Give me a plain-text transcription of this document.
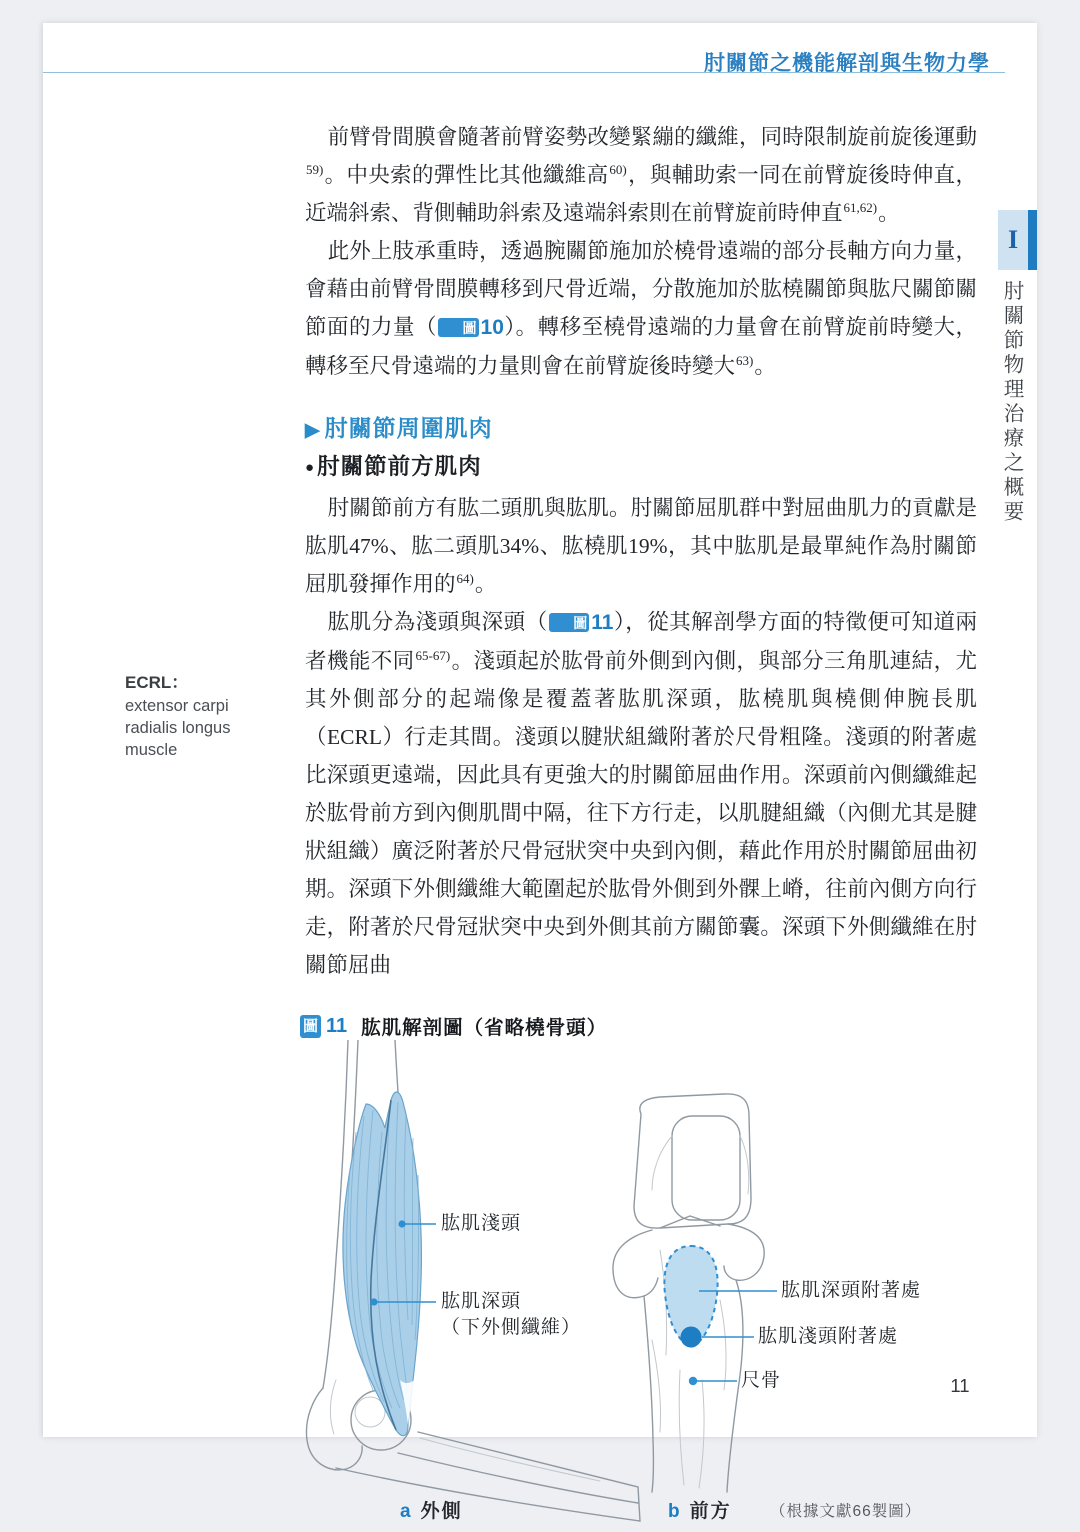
肘關節之機能解剖與生物力學
I
肘關節物理治療之概要
ECRL：
extensor carpi radialis longus muscle

前臂骨間膜會隨著前臂姿勢改變緊繃的纖維，同時限制旋前旋後運動$^{59)}$。中央索的彈性比其他纖維高$^{60)}$，與輔助索一同在前臂旋後時伸直，近端斜索、背側輔助斜索及遠端斜索則在前臂旋前時伸直$^{61,62)}$。

此外上肢承重時，透過腕關節施加於橈骨遠端的部分長軸方向力量，會藉由前臂骨間膜轉移到尺骨近端，分散施加於肱橈關節與肱尺關節關節面的力量（ 圖 10）。轉移至橈骨遠端的力量會在前臂旋前時變大，轉移至尺骨遠端的力量則會在前臂旋後時變大$^{63)}$。

▶ 肘關節周圍肌肉
●肘關節前方肌肉

肘關節前方有肱二頭肌與肱肌。肘關節屈肌群中對屈曲肌力的貢獻是肱肌47%、肱二頭肌34%、肱橈肌19%，其中肱肌是最單純作為肘關節屈肌發揮作用的$^{64)}$。

肱肌分為淺頭與深頭（ 圖 11），從其解剖學方面的特徵便可知道兩者機能不同$^{65-67)}$。淺頭起於肱骨前外側到內側，與部分三角肌連結，尤其外側部分的起端像是覆蓋著肱肌深頭，肱橈肌與橈側伸腕長肌（ECRL）行走其間。淺頭以腱狀組織附著於尺骨粗隆。淺頭的附著處比深頭更遠端，因此具有更強大的肘關節屈曲作用。深頭前內側纖維起於肱骨前方到內側肌間中隔，往下方行走，以肌腱組織（內側尤其是腱狀組織）廣泛附著於尺骨冠狀突中央到內側，藉此作用於肘關節屈曲初期。深頭下外側纖維大範圍起於肱骨外側到外髁上嵴，往前內側方向行走，附著於尺骨冠狀突中央到外側其前方關節囊。深頭下外側纖維在肘關節屈曲

圖 11 肱肌解剖圖（省略橈骨頭）
肱肌淺頭
肱肌深頭
（下外側纖維）
肱肌深頭附著處
肱肌淺頭附著處
尺骨
a 外側	b 前方 （根據文獻66製圖）
11
